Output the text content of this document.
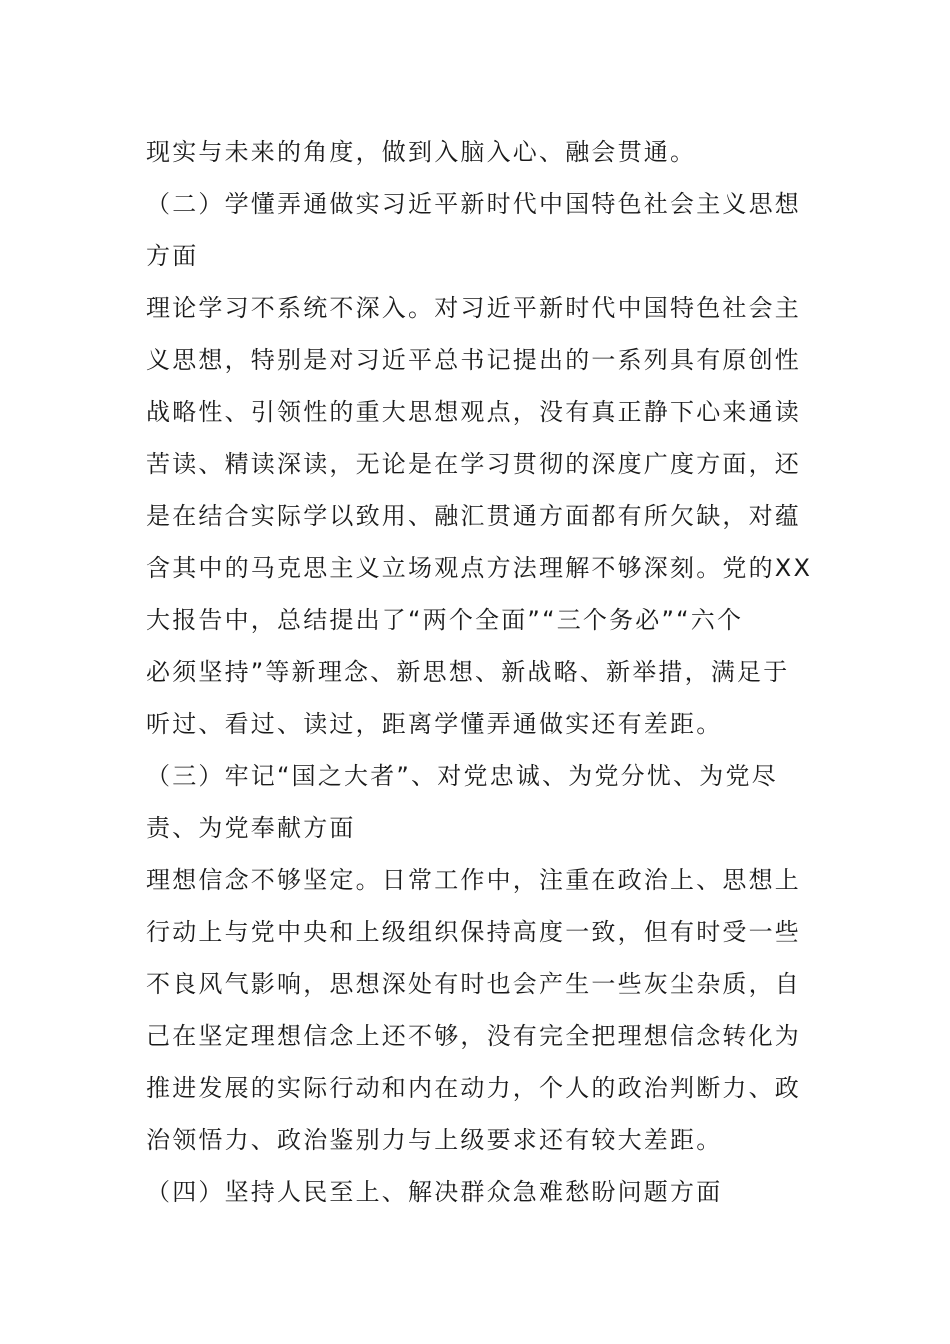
现实与未来的角度，做到入脑入心、融会贯通。
（二）学懂弄通做实习近平新时代中国特色社会主义思想
方面
理论学习不系统不深入。对习近平新时代中国特色社会主
义思想，特别是对习近平总书记提出的一系列具有原创性
战略性、引领性的重大思想观点，没有真正静下心来通读
苦读、精读深读，无论是在学习贯彻的深度广度方面，还
是在结合实际学以致用、融汇贯通方面都有所欠缺，对蕴
含其中的马克思主义立场观点方法理解不够深刻。党的XX
大报告中，总结提出了“两个全面”“三个务必”“六个
必须坚持”等新理念、新思想、新战略、新举措，满足于
听过、看过、读过，距离学懂弄通做实还有差距。
（三）牢记“国之大者”、对党忠诚、为党分忧、为党尽
责、为党奉献方面
理想信念不够坚定。日常工作中，注重在政治上、思想上
行动上与党中央和上级组织保持高度一致，但有时受一些
不良风气影响，思想深处有时也会产生一些灰尘杂质，自
己在坚定理想信念上还不够，没有完全把理想信念转化为
推进发展的实际行动和内在动力，个人的政治判断力、政
治领悟力、政治鉴别力与上级要求还有较大差距。
（四）坚持人民至上、解决群众急难愁盼问题方面
